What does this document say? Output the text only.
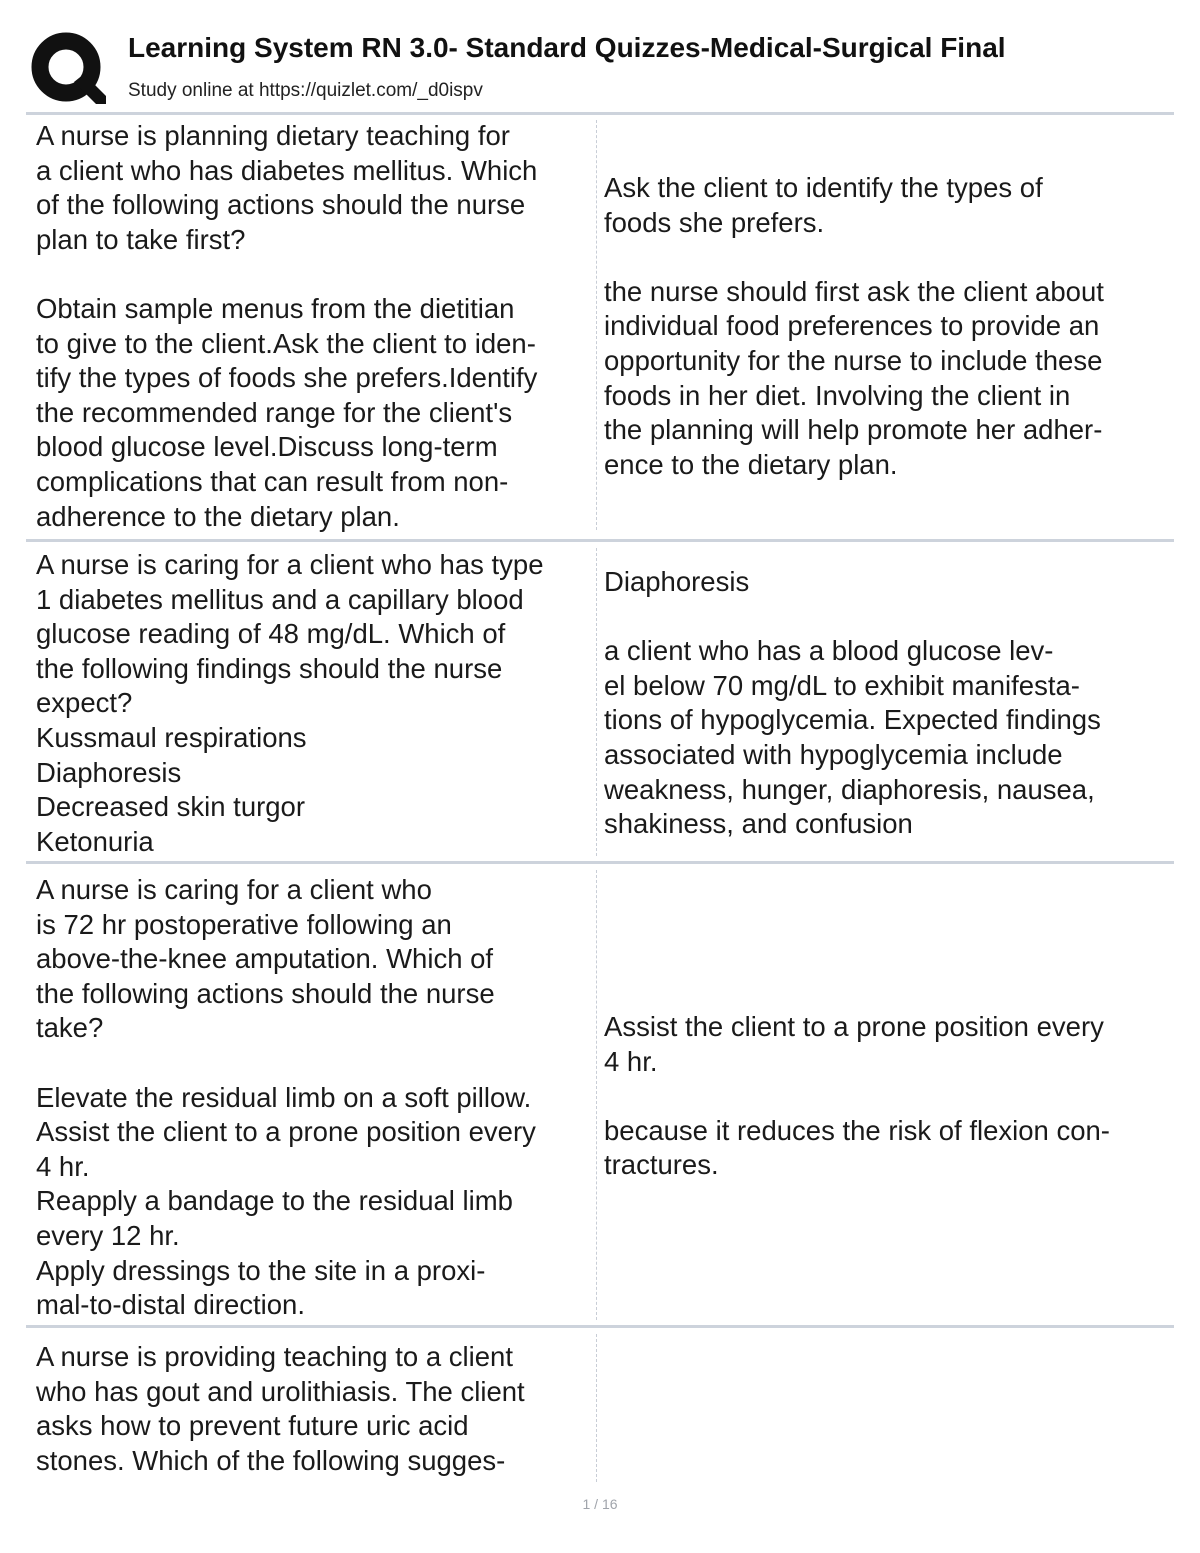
Learning System RN 3.0- Standard Quizzes-Medical-Surgical Final
Study online at https://quizlet.com/_d0ispv
A nurse is planning dietary teaching for
a client who has diabetes mellitus. Which
of the following actions should the nurse
plan to take first?

Obtain sample menus from the dietitian
to give to the client.Ask the client to iden-
tify the types of foods she prefers.Identify
the recommended range for the client's
blood glucose level.Discuss long-term
complications that can result from non-
adherence to the dietary plan.
Ask the client to identify the types of
foods she prefers.

the nurse should first ask the client about
individual food preferences to provide an
opportunity for the nurse to include these
foods in her diet. Involving the client in
the planning will help promote her adher-
ence to the dietary plan.
A nurse is caring for a client who has type
1 diabetes mellitus and a capillary blood
glucose reading of 48 mg/dL. Which of
the following findings should the nurse
expect?
Kussmaul respirations
Diaphoresis
Decreased skin turgor
Ketonuria
Diaphoresis

a client who has a blood glucose lev-
el below 70 mg/dL to exhibit manifesta-
tions of hypoglycemia. Expected findings
associated with hypoglycemia include
weakness, hunger, diaphoresis, nausea,
shakiness, and confusion
A nurse is caring for a client who
is 72 hr postoperative following an
above-the-knee amputation. Which of
the following actions should the nurse
take?

Elevate the residual limb on a soft pillow.
Assist the client to a prone position every
4 hr.
Reapply a bandage to the residual limb
every 12 hr.
Apply dressings to the site in a proxi-
mal-to-distal direction.
Assist the client to a prone position every
4 hr.

because it reduces the risk of flexion con-
tractures.
A nurse is providing teaching to a client
who has gout and urolithiasis. The client
asks how to prevent future uric acid
stones. Which of the following sugges-
1 / 16
